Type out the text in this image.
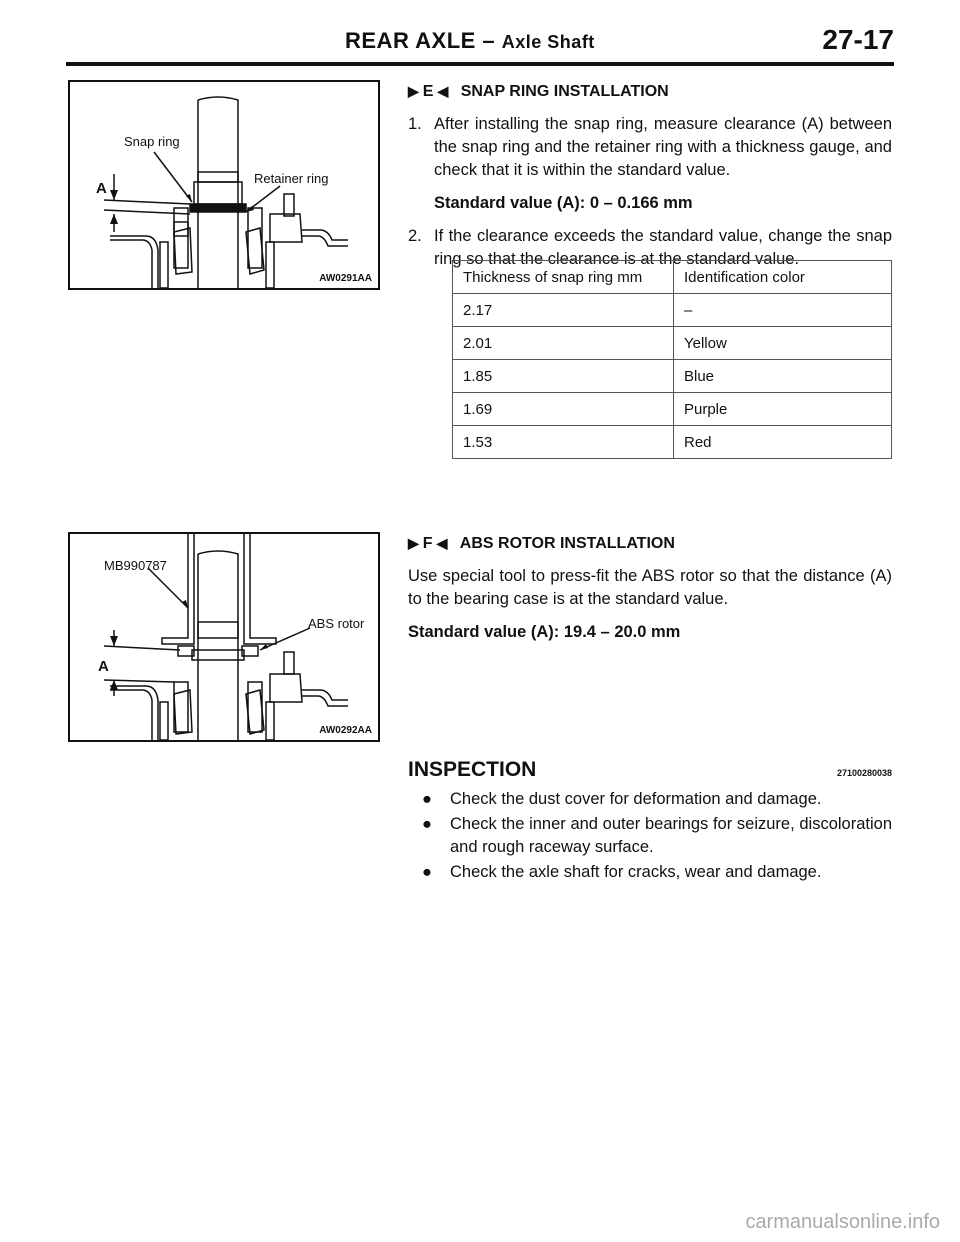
REAR AXLE – Axle Shaft	27-17
Snap ring
Retainer ring
A
AW0291AA
▶ E ◀
SNAP RING INSTALLATION
1. After installing the snap ring, measure clearance (A) between the snap ring and the retainer ring with a thickness gauge, and check that it is within the standard value.
Standard value (A): 0 – 0.166 mm
2. If the clearance exceeds the standard value, change the snap ring so that the clearance is at the standard value.
Thickness of snap ring mm	Identification color
2.17	–
2.01	Yellow
1.85	Blue
1.69	Purple
1.53	Red
MB990787
ABS rotor
A
AW0292AA
▶ F ◀
ABS ROTOR INSTALLATION
Use special tool to press-fit the ABS rotor so that the distance (A) to the bearing case is at the standard value.
Standard value (A): 19.4 – 20.0 mm
INSPECTION	27100280038
●	Check the dust cover for deformation and damage.
●	Check the inner and outer bearings for seizure, discoloration and rough raceway surface.
●	Check the axle shaft for cracks, wear and damage.
carmanualsonline.info
